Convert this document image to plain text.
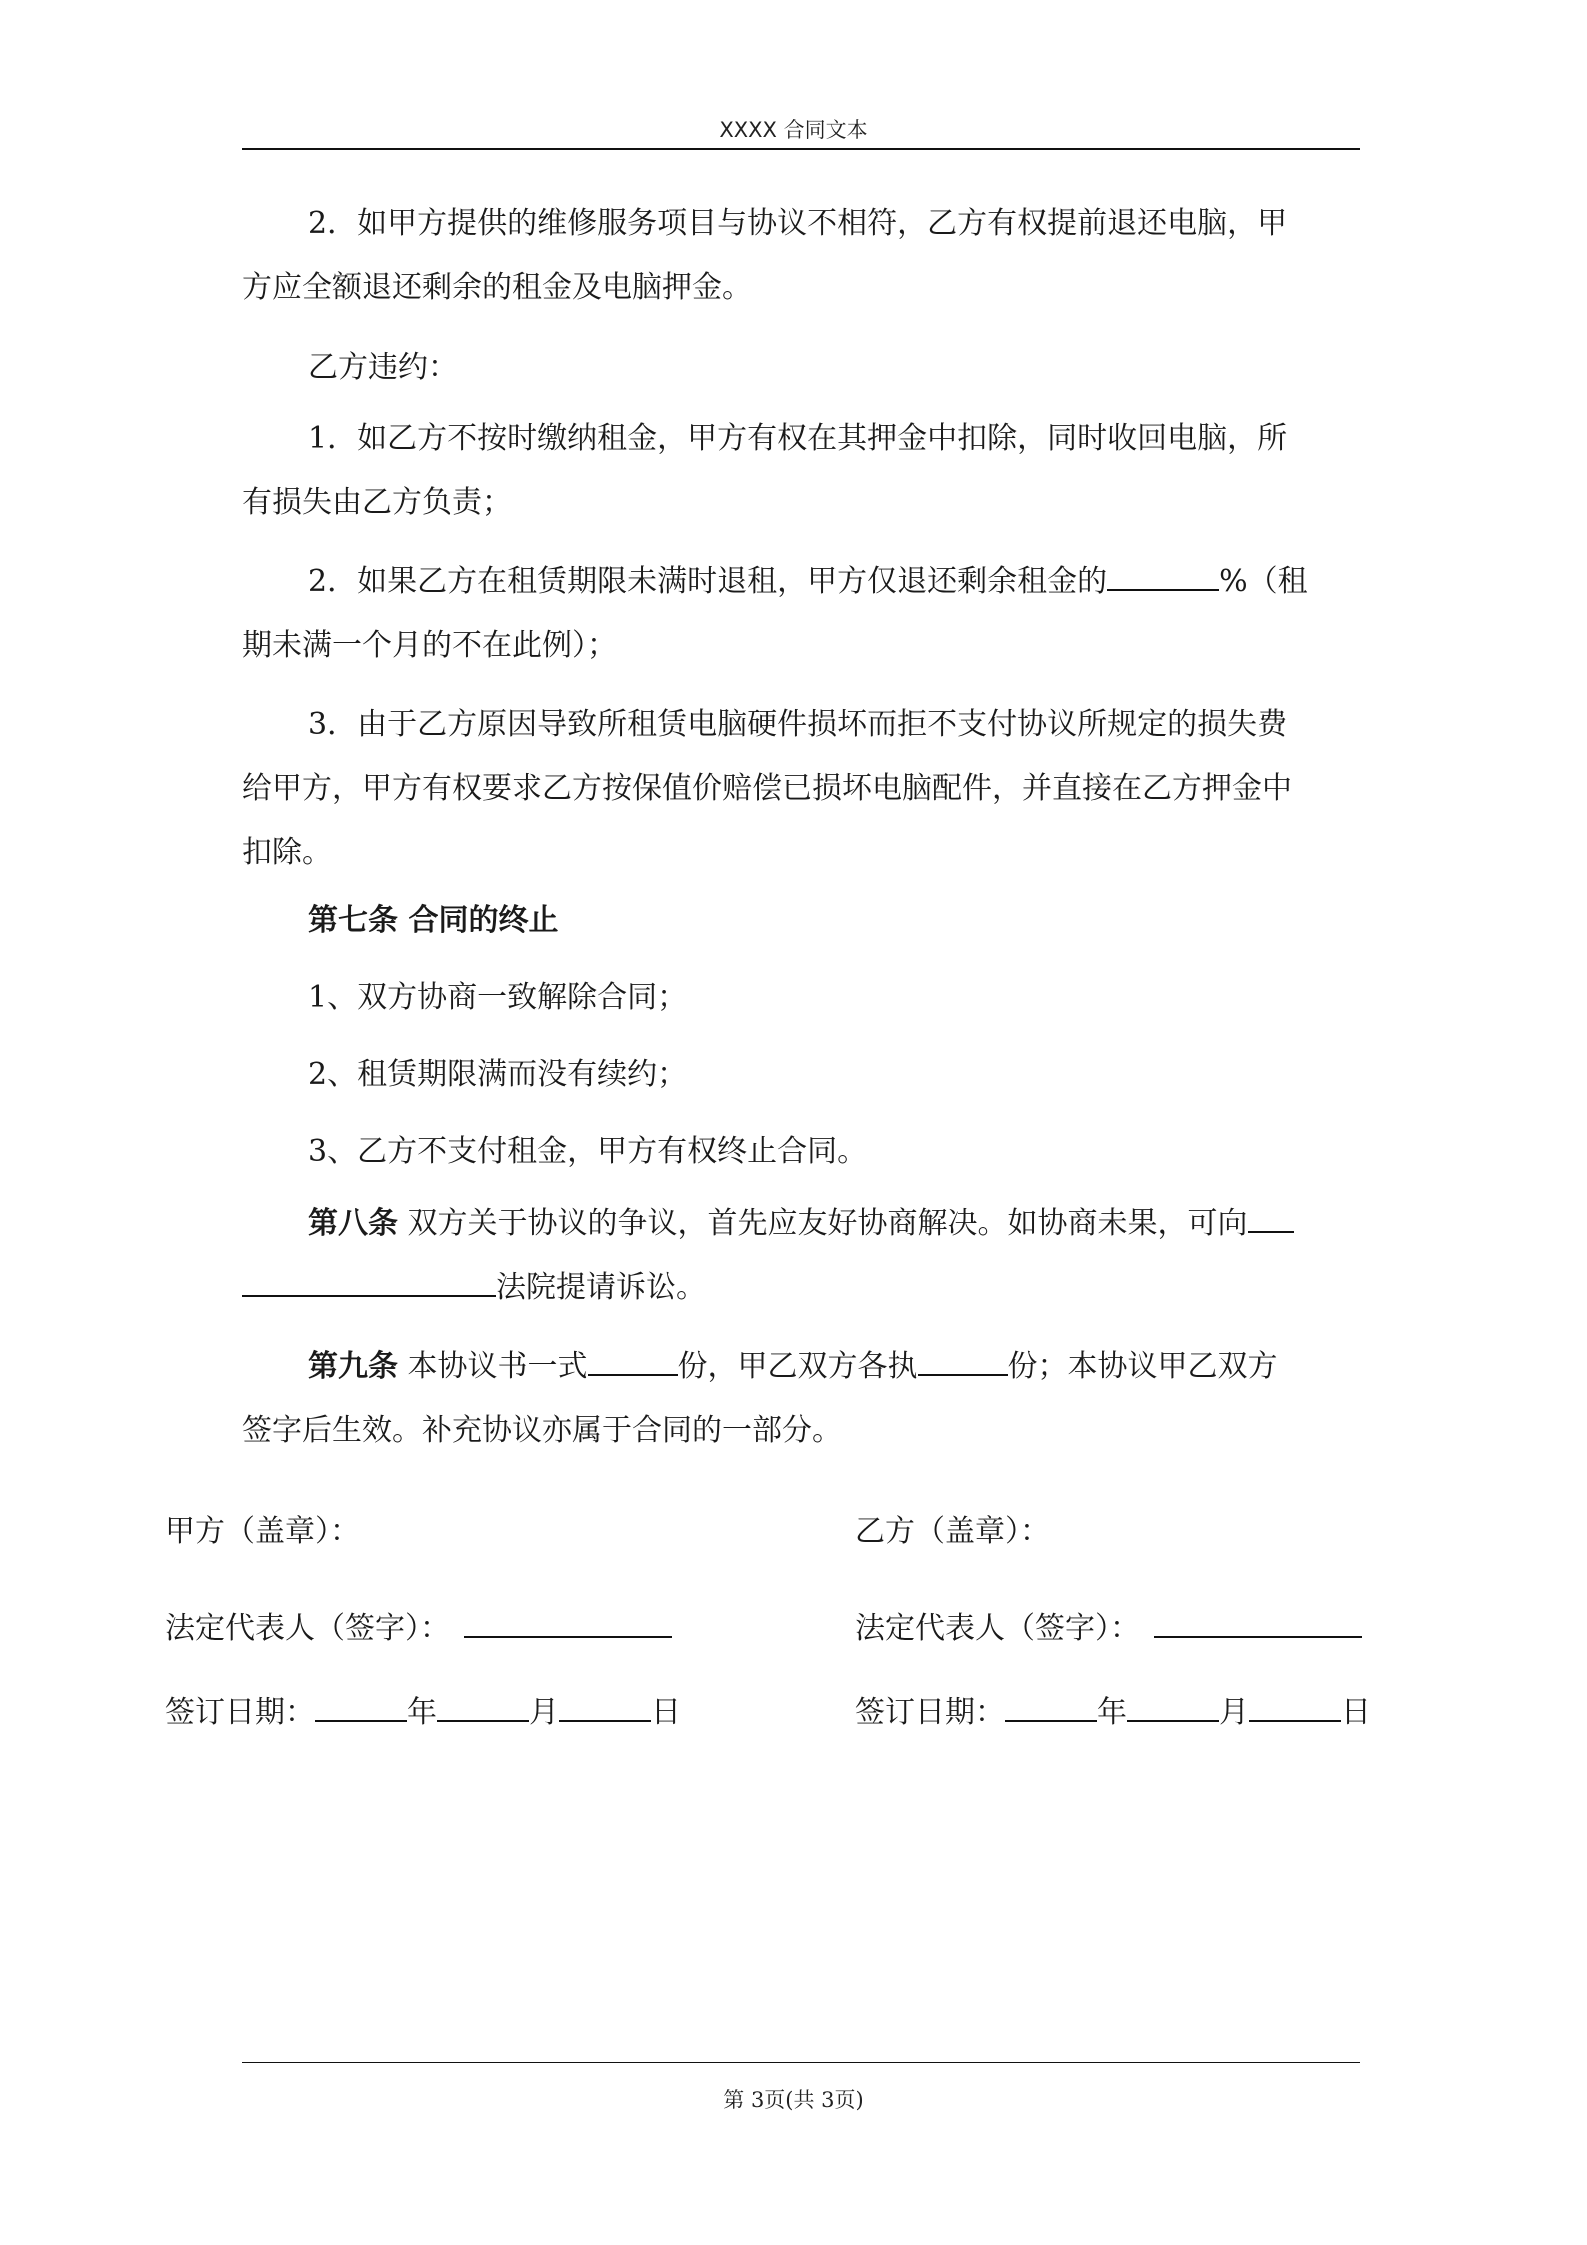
XXXX 合同文本
2．如甲方提供的维修服务项目与协议不相符，乙方有权提前退还电脑，甲
方应全额退还剩余的租金及电脑押金。
乙方违约：
1．如乙方不按时缴纳租金，甲方有权在其押金中扣除，同时收回电脑，所
有损失由乙方负责；
2．如果乙方在租赁期限未满时退租，甲方仅退还剩余租金的	%（租
期未满一个月的不在此例）；
3．由于乙方原因导致所租赁电脑硬件损坏而拒不支付协议所规定的损失费
给甲方，甲方有权要求乙方按保值价赔偿已损坏电脑配件，并直接在乙方押金中
扣除。
第七条 合同的终止
1、双方协商一致解除合同；
2、租赁期限满而没有续约；
3、乙方不支付租金，甲方有权终止合同。
第八条 双方关于协议的争议，首先应友好协商解决。如协商未果，可向
法院提请诉讼。
第九条 本协议书一式	份，甲乙双方各执	份；本协议甲乙双方
签字后生效。补充协议亦属于合同的一部分。
甲方（盖章）：
法定代表人（签字）：
签订日期：	年	月	日
乙方（盖章）：
法定代表人（签字）：
签订日期：	年	月	日
第 3页(共 3页)
